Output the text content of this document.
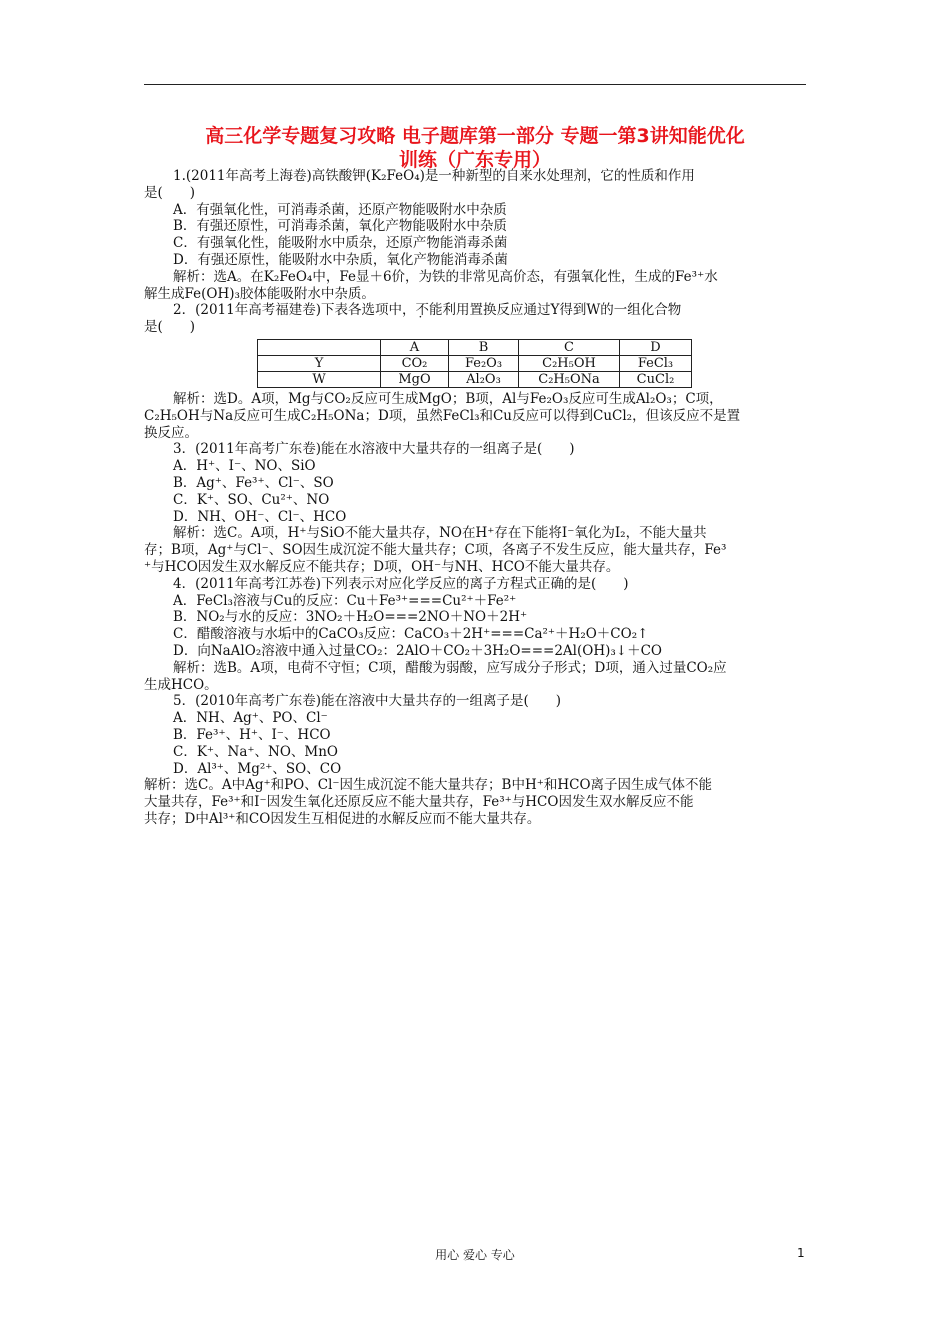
高三化学专题复习攻略 电子题库第一部分 专题一第3讲知能优化
训练（广东专用）

1.(2011年高考上海卷)高铁酸钾(K₂FeO₄)是一种新型的自来水处理剂，它的性质和作用

是(　　)

A．有强氧化性，可消毒杀菌，还原产物能吸附水中杂质

B．有强还原性，可消毒杀菌，氧化产物能吸附水中杂质

C．有强氧化性，能吸附水中质杂，还原产物能消毒杀菌

D．有强还原性，能吸附水中杂质，氧化产物能消毒杀菌

解析：选A。在K₂FeO₄中，Fe显＋6价，为铁的非常见高价态，有强氧化性，生成的Fe³⁺水

解生成Fe(OH)₃胶体能吸附水中杂质。

2．(2011年高考福建卷)下表各选项中，不能利用置换反应通过Y得到W的一组化合物

是(　　)

	A	B	C	D
Y	CO₂	Fe₂O₃	C₂H₅OH	FeCl₃
W	MgO	Al₂O₃	C₂H₅ONa	CuCl₂

解析：选D。A项，Mg与CO₂反应可生成MgO；B项，Al与Fe₂O₃反应可生成Al₂O₃；C项，

C₂H₅OH与Na反应可生成C₂H₅ONa；D项，虽然FeCl₃和Cu反应可以得到CuCl₂，但该反应不是置

换反应。

3．(2011年高考广东卷)能在水溶液中大量共存的一组离子是(　　)

A．H⁺、I⁻、NO、SiO

B．Ag⁺、Fe³⁺、Cl⁻、SO

C．K⁺、SO、Cu²⁺、NO

D．NH、OH⁻、Cl⁻、HCO

解析：选C。A项，H⁺与SiO不能大量共存，NO在H⁺存在下能将I⁻氧化为I₂，不能大量共

存；B项，Ag⁺与Cl⁻、SO因生成沉淀不能大量共存；C项，各离子不发生反应，能大量共存，Fe³

⁺与HCO因发生双水解反应不能共存；D项，OH⁻与NH、HCO不能大量共存。

4．(2011年高考江苏卷)下列表示对应化学反应的离子方程式正确的是(　　)

A．FeCl₃溶液与Cu的反应：Cu＋Fe³⁺===Cu²⁺＋Fe²⁺

B．NO₂与水的反应：3NO₂＋H₂O===2NO＋NO＋2H⁺

C．醋酸溶液与水垢中的CaCO₃反应：CaCO₃＋2H⁺===Ca²⁺＋H₂O＋CO₂↑

D．向NaAlO₂溶液中通入过量CO₂：2AlO＋CO₂＋3H₂O===2Al(OH)₃↓＋CO

解析：选B。A项，电荷不守恒；C项，醋酸为弱酸，应写成分子形式；D项，通入过量CO₂应

生成HCO。

5．(2010年高考广东卷)能在溶液中大量共存的一组离子是(　　)

A．NH、Ag⁺、PO、Cl⁻

B．Fe³⁺、H⁺、I⁻、HCO

C．K⁺、Na⁺、NO、MnO

D．Al³⁺、Mg²⁺、SO、CO

解析：选C。A中Ag⁺和PO、Cl⁻因生成沉淀不能大量共存；B中H⁺和HCO离子因生成气体不能

大量共存，Fe³⁺和I⁻因发生氧化还原反应不能大量共存，Fe³⁺与HCO因发生双水解反应不能

共存；D中Al³⁺和CO因发生互相促进的水解反应而不能大量共存。

用心 爱心 专心	1
